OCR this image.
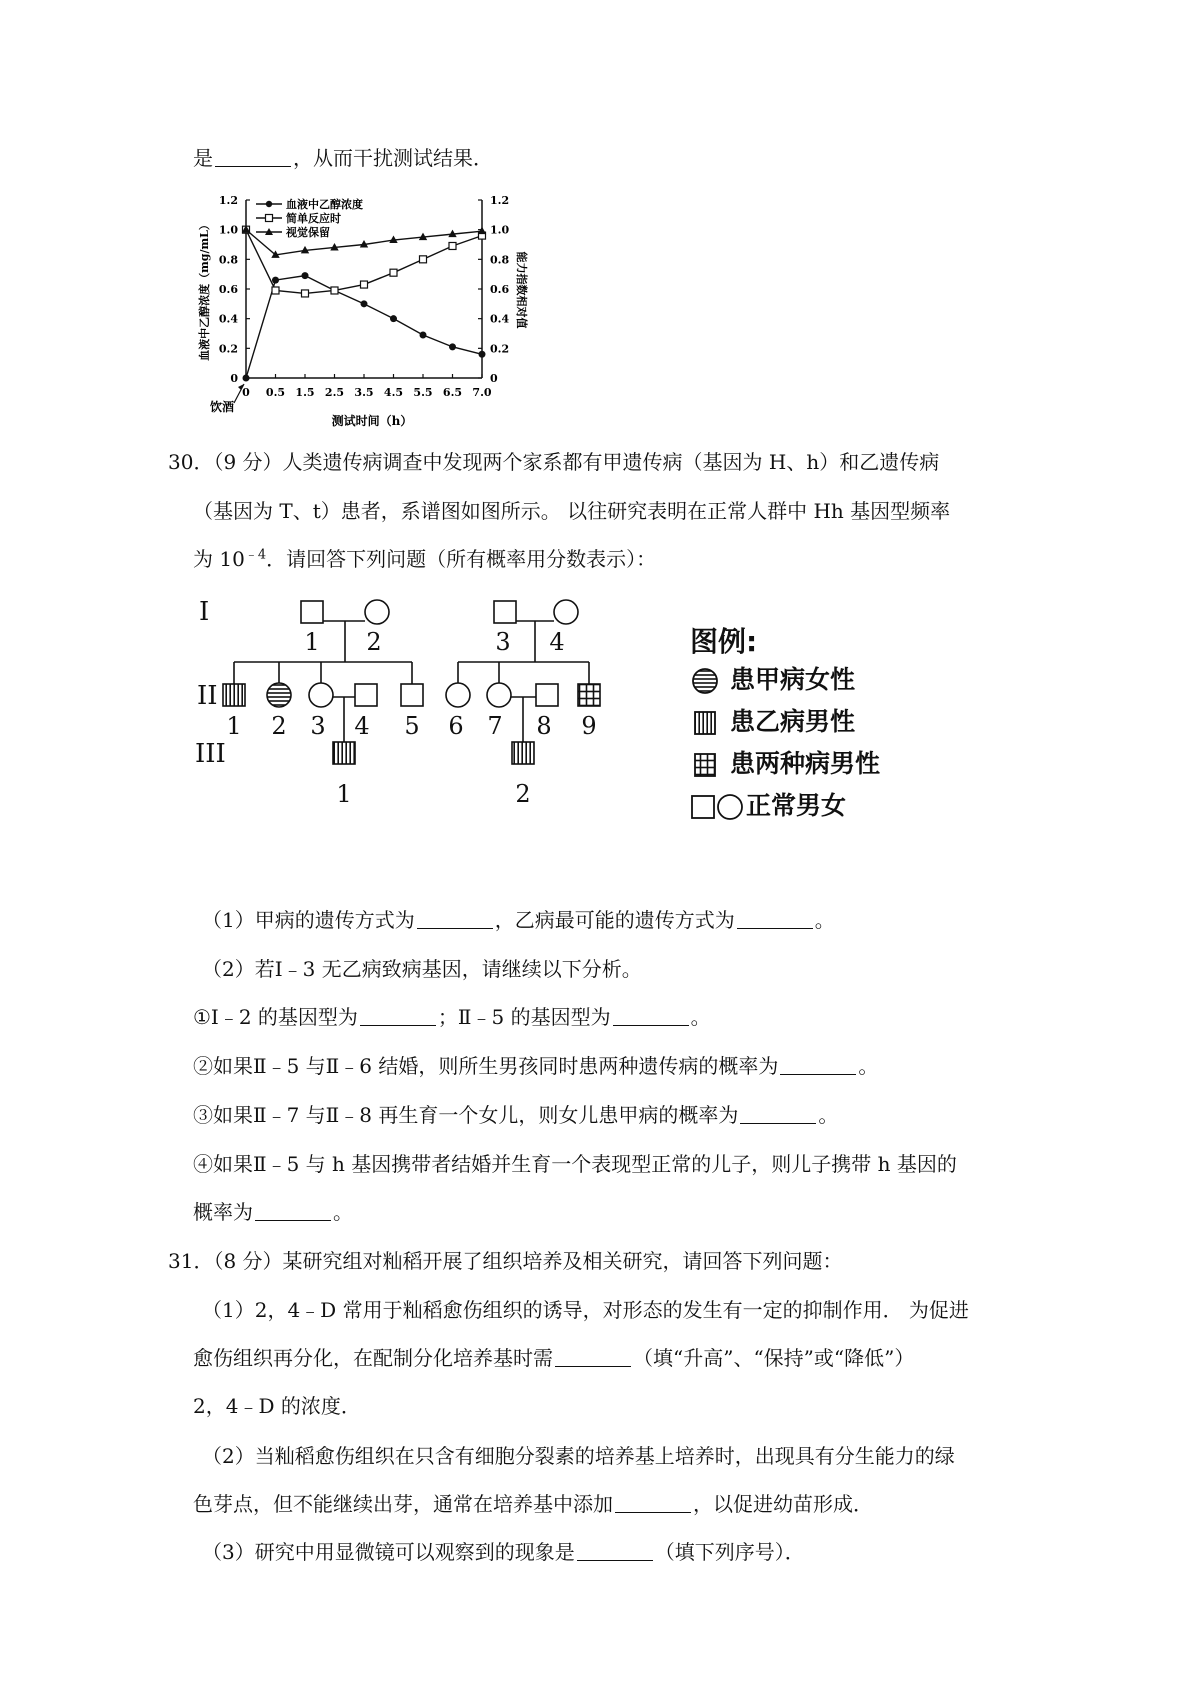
是	，从而干扰测试结果．
血液中乙醇浓度（mg/mL）	能力指数相对值
测试时间（h）
饮酒
0	0
0.2	0.2
0.4	0.4
0.6	0.6
0.8	0.8
1.0	1.0
1.2	1.2
0 0.5 1.5 2.5 3.5 4.5 5.5 6.5 7.0
血液中乙醇浓度
简单反应时
视觉保留
30．（9 分）人类遗传病调查中发现两个家系都有甲遗传病（基因为 H、h）和乙遗传病
（基因为 T、t）患者，系谱图如图所示。 以往研究表明在正常人群中 Hh 基因型频率
为 $10^{﹣4}$．请回答下列问题（所有概率用分数表示）：
I
II
III
1 2	3 4
1 2 3 4 5 6 7 8 9
1	2
图例:
患甲病女性
患乙病男性
患两种病男性
正常男女
（1）甲病的遗传方式为	，乙病最可能的遗传方式为	。
（2）若Ⅰ﹣3 无乙病致病基因，请继续以下分析。
①Ⅰ﹣2 的基因型为	；Ⅱ﹣5 的基因型为	。
②如果Ⅱ﹣5 与Ⅱ﹣6 结婚，则所生男孩同时患两种遗传病的概率为	。
③如果Ⅱ﹣7 与Ⅱ﹣8 再生育一个女儿，则女儿患甲病的概率为	。
④如果Ⅱ﹣5 与 h 基因携带者结婚并生育一个表现型正常的儿子，则儿子携带 h 基因的
概率为	。
31．（8 分）某研究组对籼稻开展了组织培养及相关研究，请回答下列问题：
（1）2，4﹣D 常用于籼稻愈伤组织的诱导，对形态的发生有一定的抑制作用． 为促进
愈伤组织再分化，在配制分化培养基时需	（填“升高”、“保持”或“降低”）
2，4﹣D 的浓度．
（2）当籼稻愈伤组织在只含有细胞分裂素的培养基上培养时，出现具有分生能力的绿
色芽点，但不能继续出芽，通常在培养基中添加	，以促进幼苗形成．
（3）研究中用显微镜可以观察到的现象是	（填下列序号）．
